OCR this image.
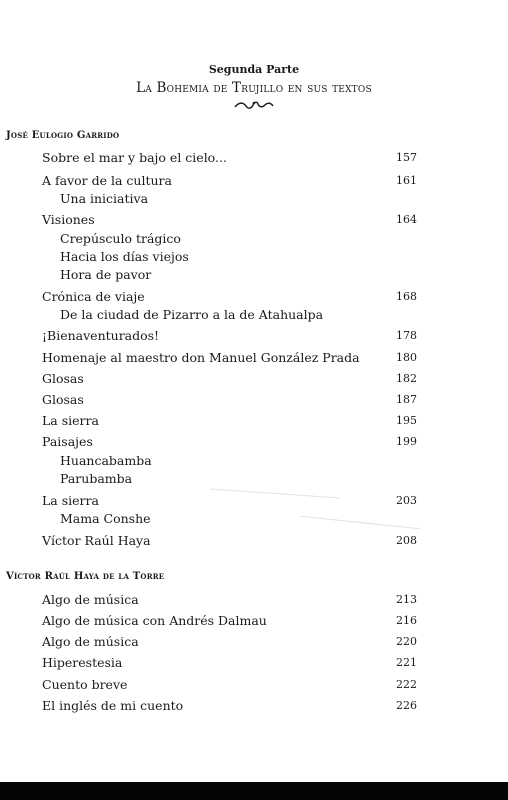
Segunda Parte
La Bohemia de Trujillo en sus textos
José Eulogio Garrido
Sobre el mar y bajo el cielo...	157
A favor de la cultura	161
Una iniciativa
Visiones	164
Crepúsculo trágico
Hacia los días viejos
Hora de pavor
Crónica de viaje	168
De la ciudad de Pizarro a la de Atahualpa
¡Bienaventurados!	178
Homenaje al maestro don Manuel González Prada	180
Glosas	182
Glosas	187
La sierra	195
Paisajes	199
Huancabamba
Parubamba
La sierra	203
Mama Conshe
Víctor Raúl Haya	208
Víctor Raúl Haya de la Torre
Algo de música	213
Algo de música con Andrés Dalmau	216
Algo de música	220
Hiperestesia	221
Cuento breve	222
El inglés de mi cuento	226
